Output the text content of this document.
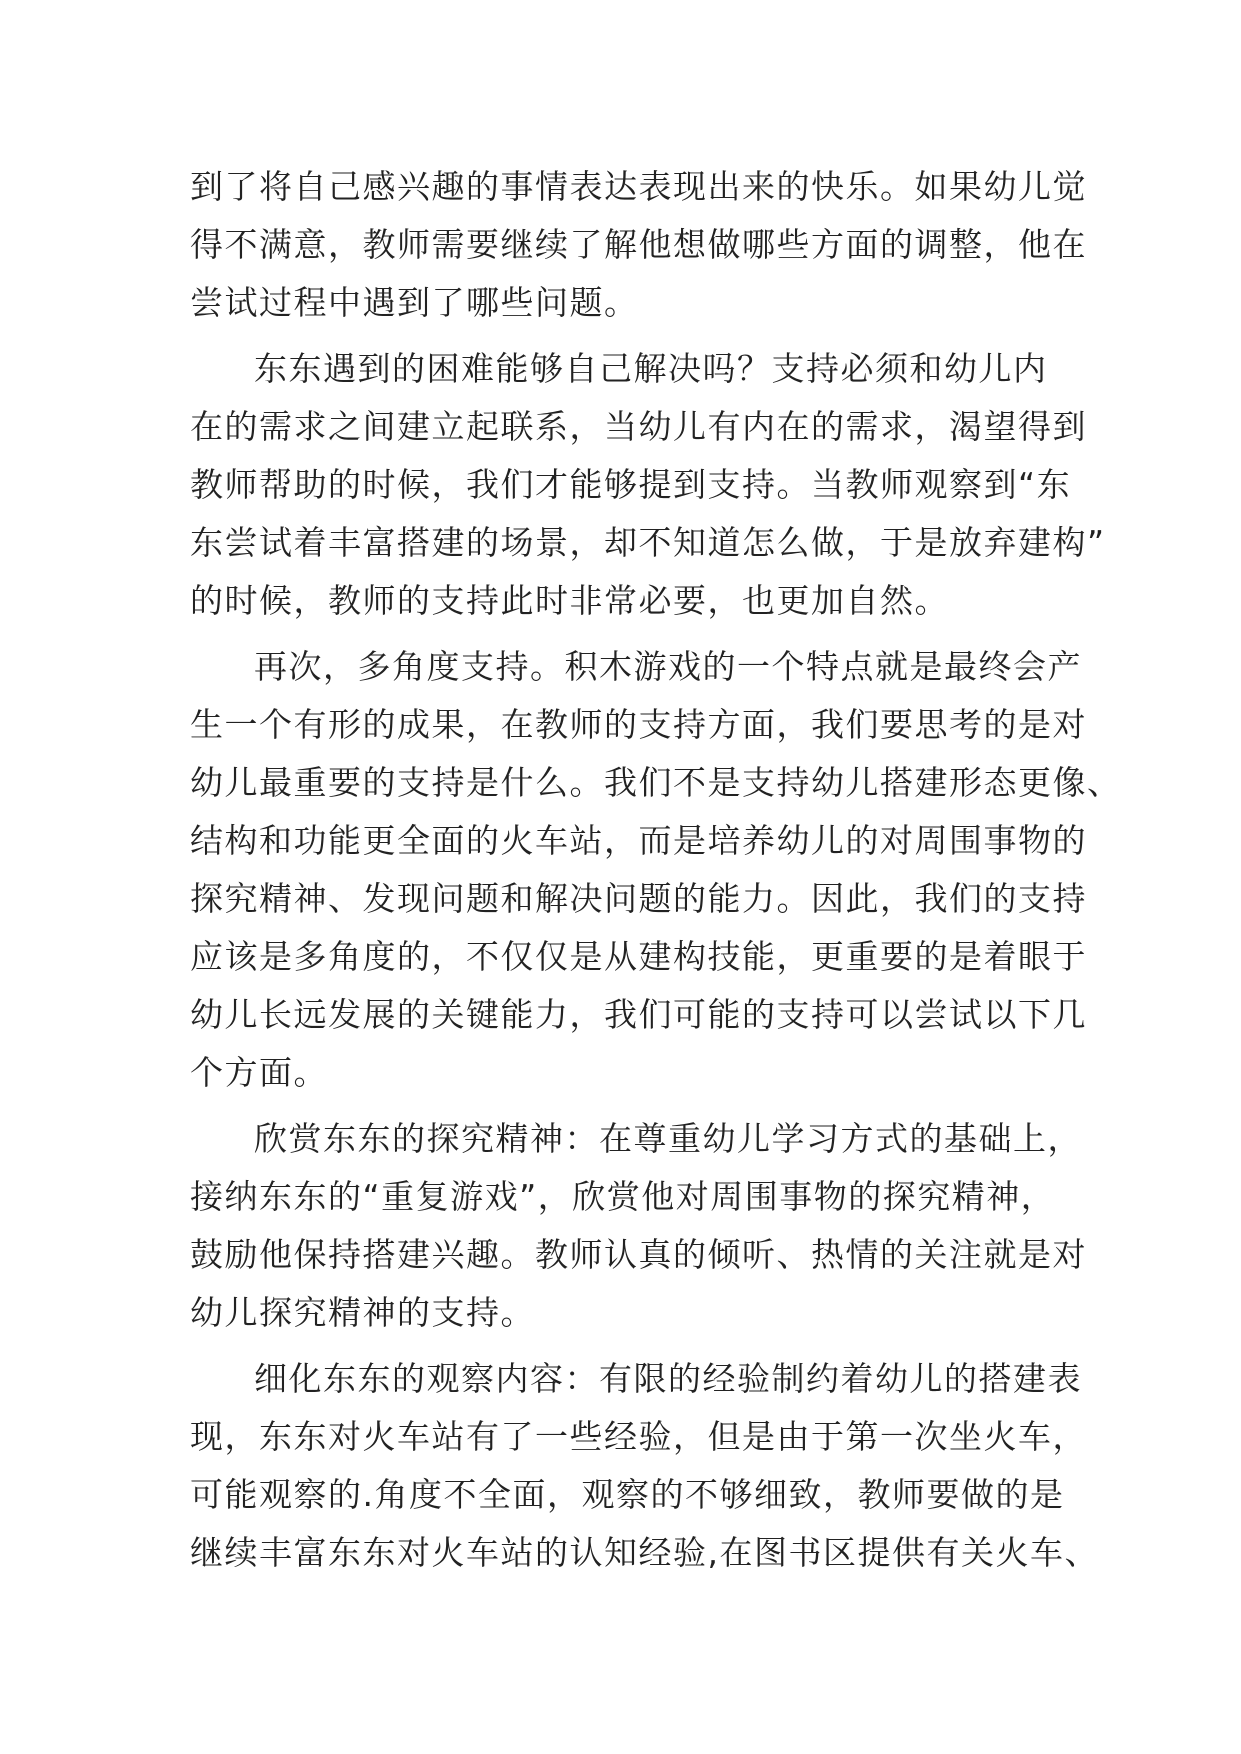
到了将自己感兴趣的事情表达表现出来的快乐。如果幼儿觉
得不满意，教师需要继续了解他想做哪些方面的调整，他在
尝试过程中遇到了哪些问题。
东东遇到的困难能够自己解决吗？支持必须和幼儿内
在的需求之间建立起联系，当幼儿有内在的需求，渴望得到
教师帮助的时候，我们才能够提到支持。当教师观察到“东
东尝试着丰富搭建的场景，却不知道怎么做，于是放弃建构”
的时候，教师的支持此时非常必要，也更加自然。
再次，多角度支持。积木游戏的一个特点就是最终会产
生一个有形的成果，在教师的支持方面，我们要思考的是对
幼儿最重要的支持是什么。我们不是支持幼儿搭建形态更像、
结构和功能更全面的火车站，而是培养幼儿的对周围事物的
探究精神、发现问题和解决问题的能力。因此，我们的支持
应该是多角度的，不仅仅是从建构技能，更重要的是着眼于
幼儿长远发展的关键能力，我们可能的支持可以尝试以下几
个方面。
欣赏东东的探究精神：在尊重幼儿学习方式的基础上，
接纳东东的“重复游戏”，欣赏他对周围事物的探究精神，
鼓励他保持搭建兴趣。教师认真的倾听、热情的关注就是对
幼儿探究精神的支持。
细化东东的观察内容：有限的经验制约着幼儿的搭建表
现，东东对火车站有了一些经验，但是由于第一次坐火车，
可能观察的.角度不全面，观察的不够细致，教师要做的是
继续丰富东东对火车站的认知经验,在图书区提供有关火车、
